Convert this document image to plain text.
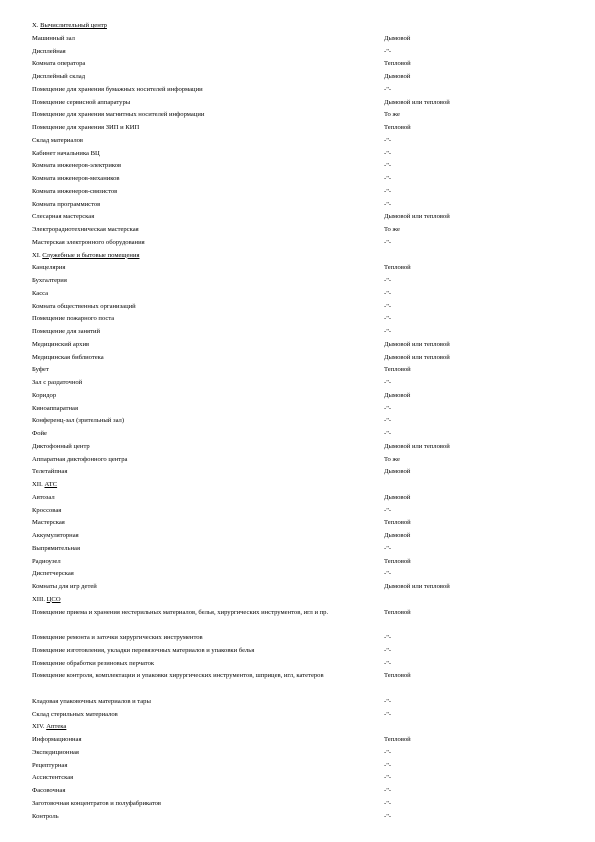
X. Вычислительный центр
Машинный зал	Дымовой
Дисплейная	-"-
Комната оператора	Тепловой
Дисплейный склад	Дымовой
Помещение для хранения бумажных носителей информации	-"-
Помещение сервисной аппаратуры	Дымовой или тепловой
Помещение для хранения магнитных носителей информации	То же
Помещение для хранения ЗИП и КИП	Тепловой
Склад материалов	-"-
Кабинет начальника ВЦ	-"-
Комната инженеров-электриков	-"-
Комната инженеров-механиков	-"-
Комната инженеров-связистов	-"-
Комната программистов	-"-
Слесарная мастерская	Дымовой или тепловой
Электрорадиотехническая мастерская	То же
Мастерская электронного оборудования	-"-
XI. Служебные и бытовые помещения
Канцелярия	Тепловой
Бухгалтерия	-"-
Касса	-"-
Комната общественных организаций	-"-
Помещение пожарного поста	-"-
Помещение для занятий	-"-
Медицинский архив	Дымовой или тепловой
Медицинская библиотека	Дымовой или тепловой
Буфет	Тепловой
Зал с раздаточной	-"-
Коридор	Дымовой
Киноаппаратная	-"-
Конференц-зал (зрительный зал)	-"-
Фойе	-"-
Диктофонный центр	Дымовой или тепловой
Аппаратная диктофонного центра	То же
Телетайпная	Дымовой
XII. АТС
Автозал	Дымовой
Кроссовая	-"-
Мастерская	Тепловой
Аккумуляторная	Дымовой
Выпрямительная	-"-
Радиоузел	Тепловой
Диспетчерская	-"-
Комнаты для игр детей	Дымовой или тепловой
XIII. ЦСО
Помещение приема и хранения нестерильных материалов, белья, хирургических инструментов, игл и пр.	Тепловой
Помещение ремонта и заточки хирургических инструментов	-"-
Помещение изготовления, укладки перевязочных материалов и упаковки белья	-"-
Помещение обработки резиновых перчаток	-"-
Помещение контроля, комплектации и упаковки хирургических инструментов, шприцев, игл, катетеров	Тепловой
Кладовая упаковочных материалов и тары	-"-
Склад стерильных материалов	-"-
XIV. Аптека
Информационная	Тепловой
Экспедиционная	-"-
Рецептурная	-"-
Ассистентская	-"-
Фасовочная	-"-
Заготовочная концентратов и полуфабрикатов	-"-
Контроль	-"-
